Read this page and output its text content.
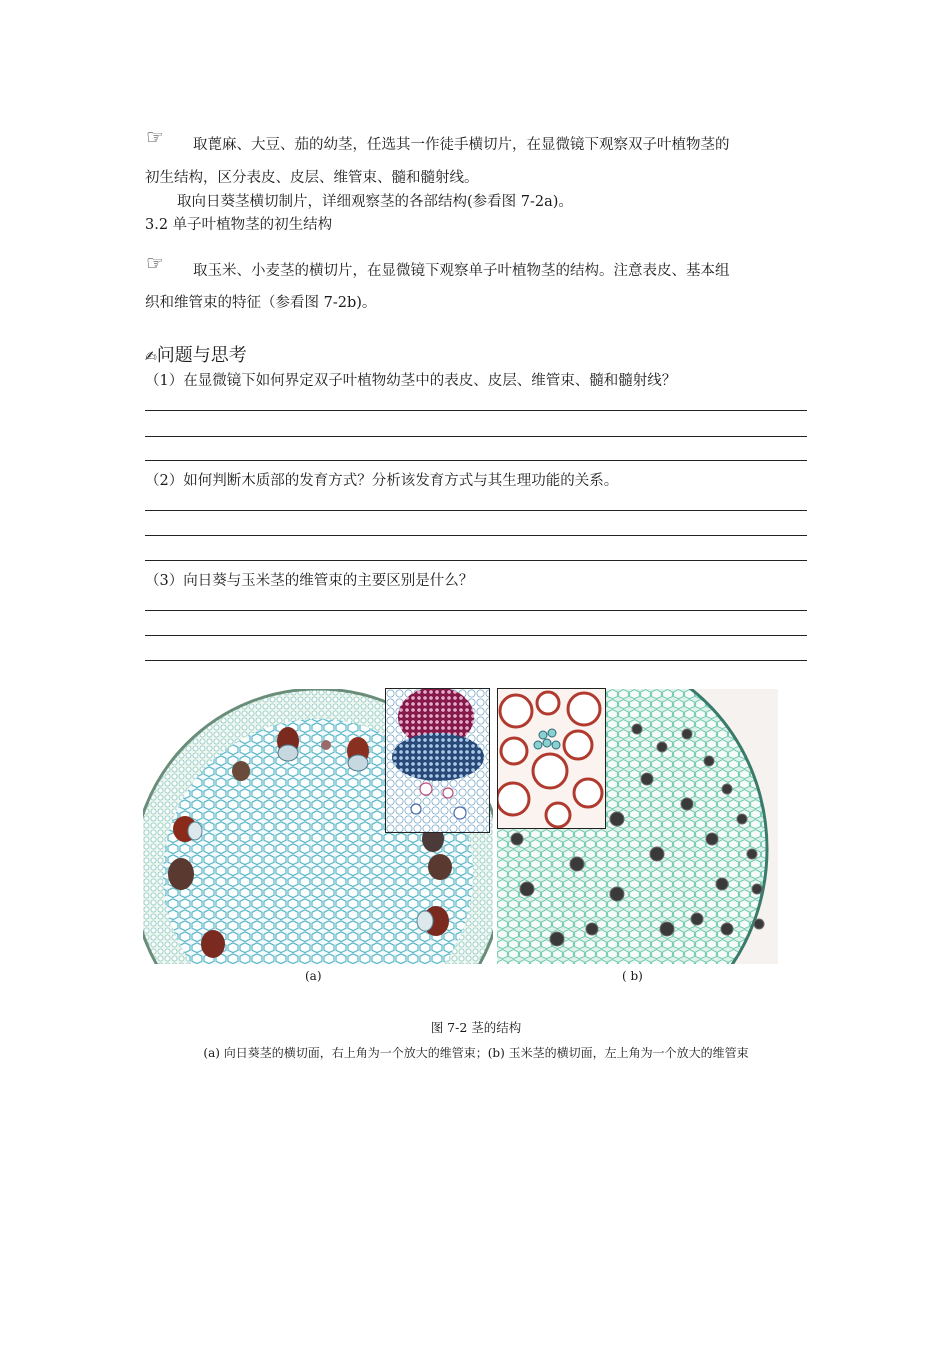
☞	取蓖麻、大豆、茄的幼茎，任选其一作徒手横切片，在显微镜下观察双子叶植物茎的
初生结构，区分表皮、皮层、维管束、髓和髓射线。
取向日葵茎横切制片，详细观察茎的各部结构(参看图 7-2a)。
3.2 单子叶植物茎的初生结构
☞	取玉米、小麦茎的横切片，在显微镜下观察单子叶植物茎的结构。注意表皮、基本组
织和维管束的特征（参看图 7-2b)。
✍问题与思考
（1）在显微镜下如何界定双子叶植物幼茎中的表皮、皮层、维管束、髓和髓射线？
（2）如何判断木质部的发育方式？分析该发育方式与其生理功能的关系。
（3）向日葵与玉米茎的维管束的主要区别是什么？
(a)	( b)
图 7-2 茎的结构
(a) 向日葵茎的横切面，右上角为一个放大的维管束；(b) 玉米茎的横切面，左上角为一个放大的维管束
